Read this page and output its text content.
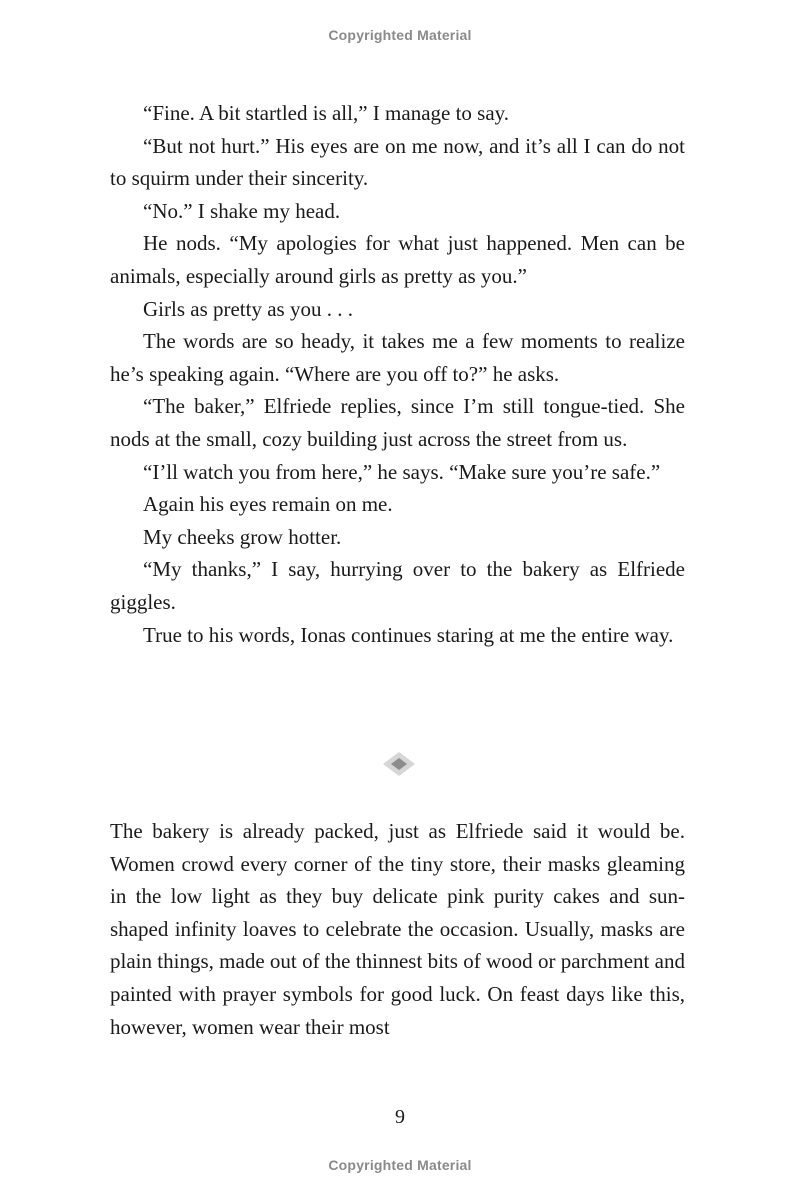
Copyrighted Material

“Fine. A bit startled is all,” I manage to say.

“But not hurt.” His eyes are on me now, and it’s all I can do not to squirm under their sincerity.

“No.” I shake my head.

He nods. “My apologies for what just happened. Men can be animals, especially around girls as pretty as you.”

Girls as pretty as you . . .

The words are so heady, it takes me a few moments to realize he’s speaking again. “Where are you off to?” he asks.

“The baker,” Elfriede replies, since I’m still tongue-tied. She nods at the small, cozy building just across the street from us.

“I’ll watch you from here,” he says. “Make sure you’re safe.”

Again his eyes remain on me.

My cheeks grow hotter.

“My thanks,” I say, hurrying over to the bakery as Elfriede giggles.

True to his words, Ionas continues staring at me the entire way.

The bakery is already packed, just as Elfriede said it would be. Women crowd every corner of the tiny store, their masks gleaming in the low light as they buy delicate pink purity cakes and sun-shaped infinity loaves to celebrate the occasion. Usually, masks are plain things, made out of the thinnest bits of wood or parchment and painted with prayer symbols for good luck. On feast days like this, however, women wear their most

9
Copyrighted Material
